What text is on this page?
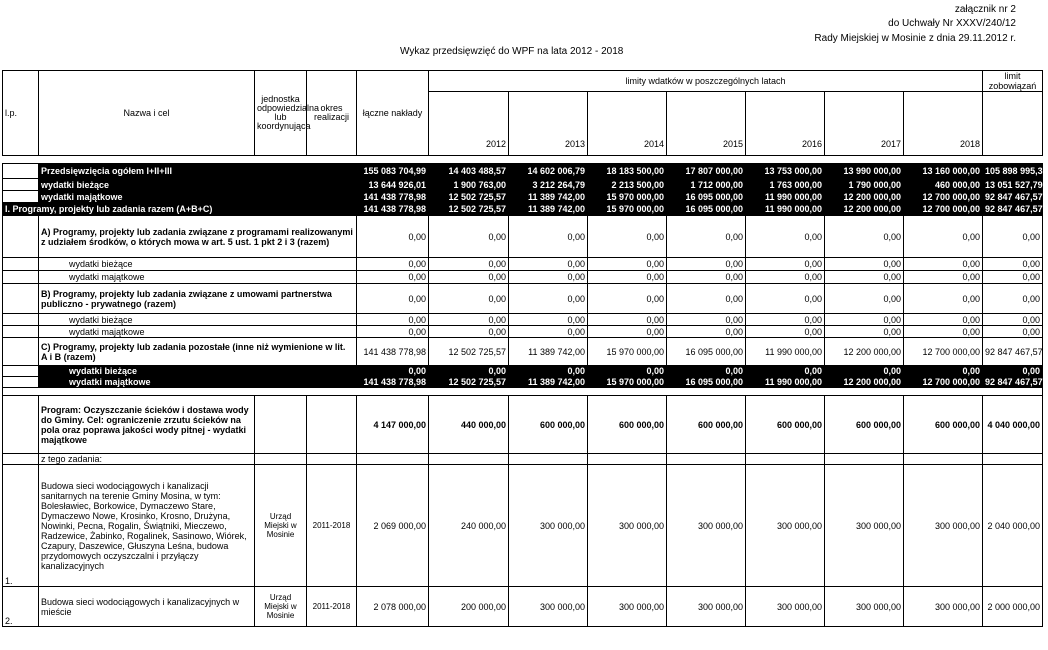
załącznik nr 2
do Uchwały Nr XXXV/240/12
Rady Miejskiej w Mosinie z dnia 29.11.2012 r.
Wykaz przedsięwzięć do WPF na lata 2012 - 2018
l.p.	Nazwa i cel	jednostka odpowiedzialna lub koordynująca	okres realizacji	łączne nakłady	limity wdatków w poszczególnych latach							limit zobowiązań
					2012	2013	2014	2015	2016	2017	2018	

	Przedsięwzięcia ogółem I+II+III			155 083 704,99	14 403 488,57	14 602 006,79	18 183 500,00	17 807 000,00	13 753 000,00	13 990 000,00	13 160 000,00	105 898 995,36
	wydatki bieżące			13 644 926,01	1 900 763,00	3 212 264,79	2 213 500,00	1 712 000,00	1 763 000,00	1 790 000,00	460 000,00	13 051 527,79
	wydatki majątkowe			141 438 778,98	12 502 725,57	11 389 742,00	15 970 000,00	16 095 000,00	11 990 000,00	12 200 000,00	12 700 000,00	92 847 467,57
I. Programy, projekty lub zadania razem (A+B+C)				141 438 778,98	12 502 725,57	11 389 742,00	15 970 000,00	16 095 000,00	11 990 000,00	12 200 000,00	12 700 000,00	92 847 467,57
	A) Programy, projekty lub zadania związane z programami realizowanymi z udziałem środków, o których mowa w art. 5 ust. 1 pkt 2 i 3 (razem)			0,00	0,00	0,00	0,00	0,00	0,00	0,00	0,00	0,00
	wydatki bieżące			0,00	0,00	0,00	0,00	0,00	0,00	0,00	0,00	0,00
	wydatki majątkowe			0,00	0,00	0,00	0,00	0,00	0,00	0,00	0,00	0,00
	B) Programy, projekty lub zadania związane z umowami partnerstwa publiczno - prywatnego (razem)			0,00	0,00	0,00	0,00	0,00	0,00	0,00	0,00	0,00
	wydatki bieżące			0,00	0,00	0,00	0,00	0,00	0,00	0,00	0,00	0,00
	wydatki majątkowe			0,00	0,00	0,00	0,00	0,00	0,00	0,00	0,00	0,00
	C) Programy, projekty lub zadania pozostałe (inne niż wymienione w lit. A i B (razem)			141 438 778,98	12 502 725,57	11 389 742,00	15 970 000,00	16 095 000,00	11 990 000,00	12 200 000,00	12 700 000,00	92 847 467,57
	wydatki bieżące			0,00	0,00	0,00	0,00	0,00	0,00	0,00	0,00	0,00
	wydatki majątkowe			141 438 778,98	12 502 725,57	11 389 742,00	15 970 000,00	16 095 000,00	11 990 000,00	12 200 000,00	12 700 000,00	92 847 467,57

	Program: Oczyszczanie ścieków i dostawa wody do Gminy. Cel: ograniczenie zrzutu ścieków na pola oraz poprawa jakości wody pitnej - wydatki majątkowe			4 147 000,00	440 000,00	600 000,00	600 000,00	600 000,00	600 000,00	600 000,00	600 000,00	4 040 000,00
	z tego zadania:											
1.	Budowa sieci wodociągowych i kanalizacji sanitarnych na terenie Gminy Mosina, w tym: Bolesławiec, Borkowice, Dymaczewo Stare, Dymaczewo Nowe, Krosinko, Krosno, Drużyna, Nowinki, Pecna, Rogalin, Świątniki, Mieczewo, Radzewice, Żabinko, Rogalinek, Sasinowo, Wiórek, Czapury, Daszewice, Głuszyna Leśna, budowa przydomowych oczyszczalni i przyłączy kanalizacyjnych	Urząd Miejski w Mosinie	2011-2018	2 069 000,00	240 000,00	300 000,00	300 000,00	300 000,00	300 000,00	300 000,00	300 000,00	2 040 000,00
2.	Budowa sieci wodociągowych i kanalizacyjnych w mieście	Urząd Miejski w Mosinie	2011-2018	2 078 000,00	200 000,00	300 000,00	300 000,00	300 000,00	300 000,00	300 000,00	300 000,00	2 000 000,00
